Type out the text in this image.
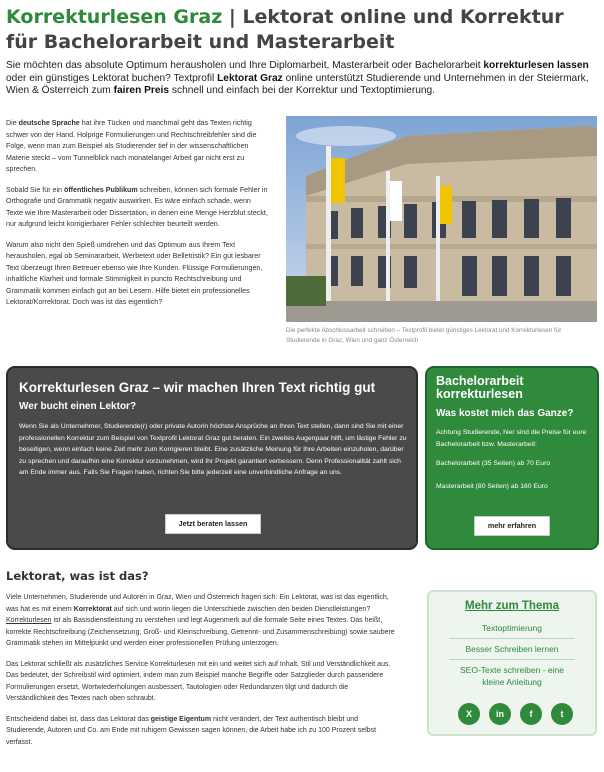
Korrekturlesen Graz | Lektorat online und Korrektur für Bachelorarbeit und Masterarbeit

Sie möchten das absolute Optimum herausholen und Ihre Diplomarbeit, Masterarbeit oder Bachelorarbeit korrekturlesen lassen oder ein günstiges Lektorat buchen? Textprofil Lektorat Graz online unterstützt Studierende und Unternehmen in der Steiermark, Wien & Österreich zum fairen Preis schnell und einfach bei der Korrektur und Textoptimierung.

Die deutsche Sprache hat ihre Tücken und manchmal geht das Texten richtig schwer von der Hand. Holprige Formulierungen und Rechtschreibfehler sind die Folge, wenn man zum Beispiel als Studierender tief in der wissenschaftlichen Materie steckt – vom Tunnelblick nach monatelanger Arbeit gar nicht erst zu sprechen.

Sobald Sie für ein öffentliches Publikum schreiben, können sich formale Fehler in Orthografie und Grammatik negativ auswirken. Es wäre einfach schade, wenn Texte wie Ihre Masterarbeit oder Dissertation, in denen eine Menge Herzblut steckt, nur aufgrund leicht korrigierbarer Fehler schlechter beurteilt werden.

Warum also nicht den Spieß umdrehen und das Optimum aus Ihrem Text herausholen, egal ob Seminararbeit, Werbetext oder Belletristik? Ein gut lesbarer Text überzeugt Ihren Betreuer ebenso wie Ihre Kunden. Flüssige Formulierungen, inhaltliche Klarheit und formale Stimmigkeit in puncto Rechtschreibung und Grammatik kommen einfach gut an bei Lesern. Hilfe bietet ein professionelles Lektorat/Korrektorat. Doch was ist das eigentlich?

Die perfekte Abschlussarbeit schreiben – Textprofil bietet günstiges Lektorat und Korrekturlesen für Studierende in Graz, Wien und ganz Österreich
Korrekturlesen Graz – wir machen Ihren Text richtig gut
Wer bucht einen Lektor?
Wenn Sie als Unternehmer, Studierende(r) oder private Autorin höchste Ansprüche an Ihren Text stellen, dann sind Sie mit einer professionellen Korrektur zum Beispiel von Textprofil Lektorat Graz gut beraten. Ein zweites Augenpaar hilft, um lästige Fehler zu beseitigen, wenn einfach keine Zeit mehr zum Korrigieren bleibt. Eine zusätzliche Meinung für Ihre Arbeiten einzuholen, darüber zu sprechen und daraufhin eine Korrektur vorzunehmen, wird Ihr Projekt garantiert verbessern. Denn Professionalität zahlt sich am Ende immer aus. Falls Sie Fragen haben, richten Sie bitte jederzeit eine unverbindliche Anfrage an uns.
Jetzt beraten lassen
Bachelorarbeit korrekturlesen
Was kostet mich das Ganze?
Achtung Studierende, hier sind die Preise für eure Bachelorarbeit bzw. Masterarbeit:
Bachelorarbeit (35 Seiten) ab 70 Euro
Masterarbeit (80 Seiten) ab 160 Euro
mehr erfahren
Lektorat, was ist das?

Viele Unternehmen, Studierende und Autoren in Graz, Wien und Österreich fragen sich: Ein Lektorat, was ist das eigentlich, was hat es mit einem Korrektorat auf sich und worin liegen die Unterschiede zwischen den beiden Dienstleistungen? Korrekturlesen ist als Basisdienstleistung zu verstehen und legt Augenmerk auf die formale Seite eines Textes. Das heißt, korrekte Rechtschreibung (Zeichensetzung, Groß- und Kleinschreibung, Getrennt- und Zusammenschreibung) sowie saubere Grammatik stehen im Mittelpunkt und werden einer professionellen Prüfung unterzogen.

Das Lektorat schließt als zusätzliches Service Korrekturlesen mit ein und weitet sich auf Inhalt, Stil und Verständlichkeit aus. Das bedeutet, der Schreibstil wird optimiert, indem man zum Beispiel manche Begriffe oder Satzglieder durch passendere Formulierungen ersetzt, Wortwiederholungen ausbessert, Tautologien oder Redundanzen tilgt und dadurch die Verständlichkeit des Textes nach oben schraubt.

Entscheidend dabei ist, dass das Lektorat das geistige Eigentum nicht verändert, der Text authentisch bleibt und Studierende, Autoren und Co. am Ende mit ruhigem Gewissen sagen können, die Arbeit habe ich zu 100 Prozent selbst verfasst.

Mehr zum Thema
Textoptimierung
Besser Schreiben lernen
SEO-Texte schreiben - eine kleine Anleitung
X	in	f	t
